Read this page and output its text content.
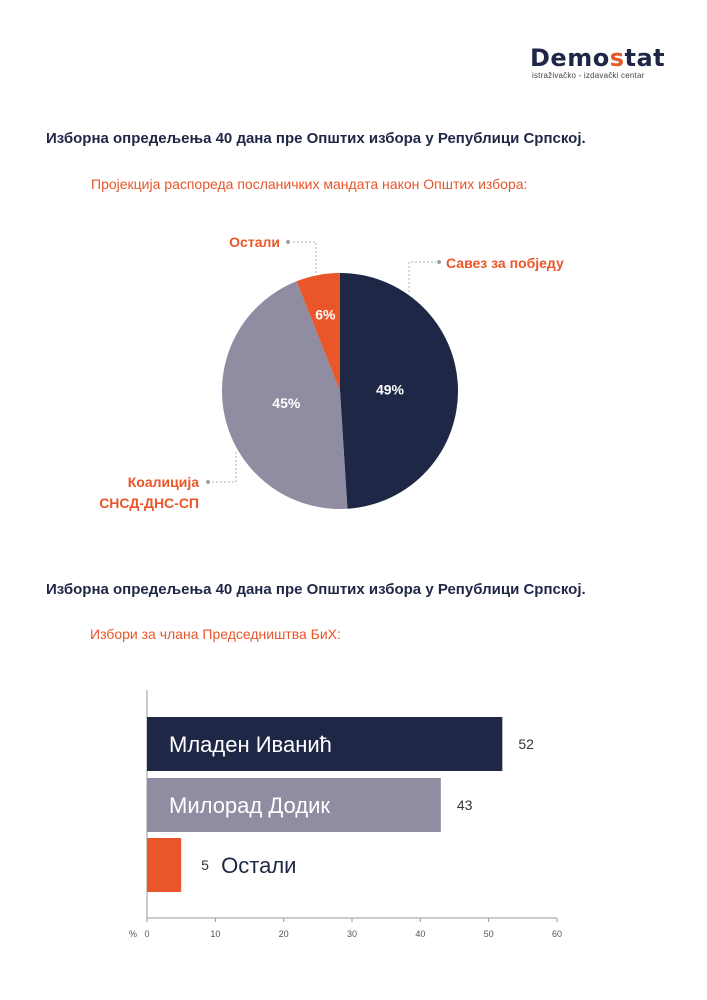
Demostat
istraživačko - izdavački centar
Изборна опредељења 40 дана пре Општих избора у Републици Српској.
Пројекција распореда посланичких мандата након Општих избора:
Изборна опредељења 40 дана пре Општих избора у Републици Српској.
Избори за члана Председништва БиХ:
49%
45%
6%
Савез за побједу
Остали
Коалиција
СНСД-ДНС-СП
52
Младен Иванић
43
Милорад Додик
5 Остали
0	10	20	30	40	50	60
%
